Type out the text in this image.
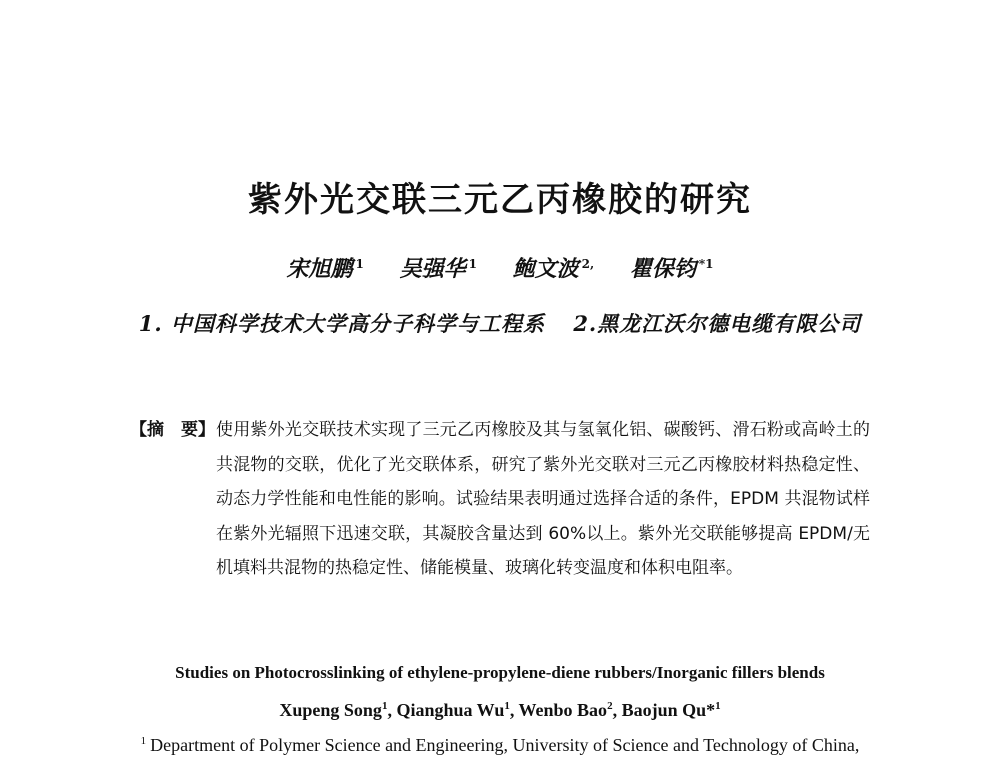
紫外光交联三元乙丙橡胶的研究
宋旭鹏 $^1$ 吴强华 $^1$ 鲍文波 $^{2,}$ 瞿保钧 $^{*1}$
1. 中国科学技术大学高分子科学与工程系 2.黑龙江沃尔德电缆有限公司
【摘　要】 使用紫外光交联技术实现了三元乙丙橡胶及其与氢氧化铝、碳酸钙、滑石粉或高岭土的共混物的交联，优化了光交联体系，研究了紫外光交联对三元乙丙橡胶材料热稳定性、动态力学性能和电性能的影响。试验结果表明通过选择合适的条件，EPDM 共混物试样在紫外光辐照下迅速交联，其凝胶含量达到 60%以上。紫外光交联能够提高 EPDM/无机填料共混物的热稳定性、储能模量、玻璃化转变温度和体积电阻率。
Studies on Photocrosslinking of ethylene-propylene-diene rubbers/Inorganic fillers blends
Xupeng Song$^1$, Qianghua Wu$^1$, Wenbo Bao$^2$, Baojun Qu*$^1$
$^1$ Department of Polymer Science and Engineering, University of Science and Technology of China,
